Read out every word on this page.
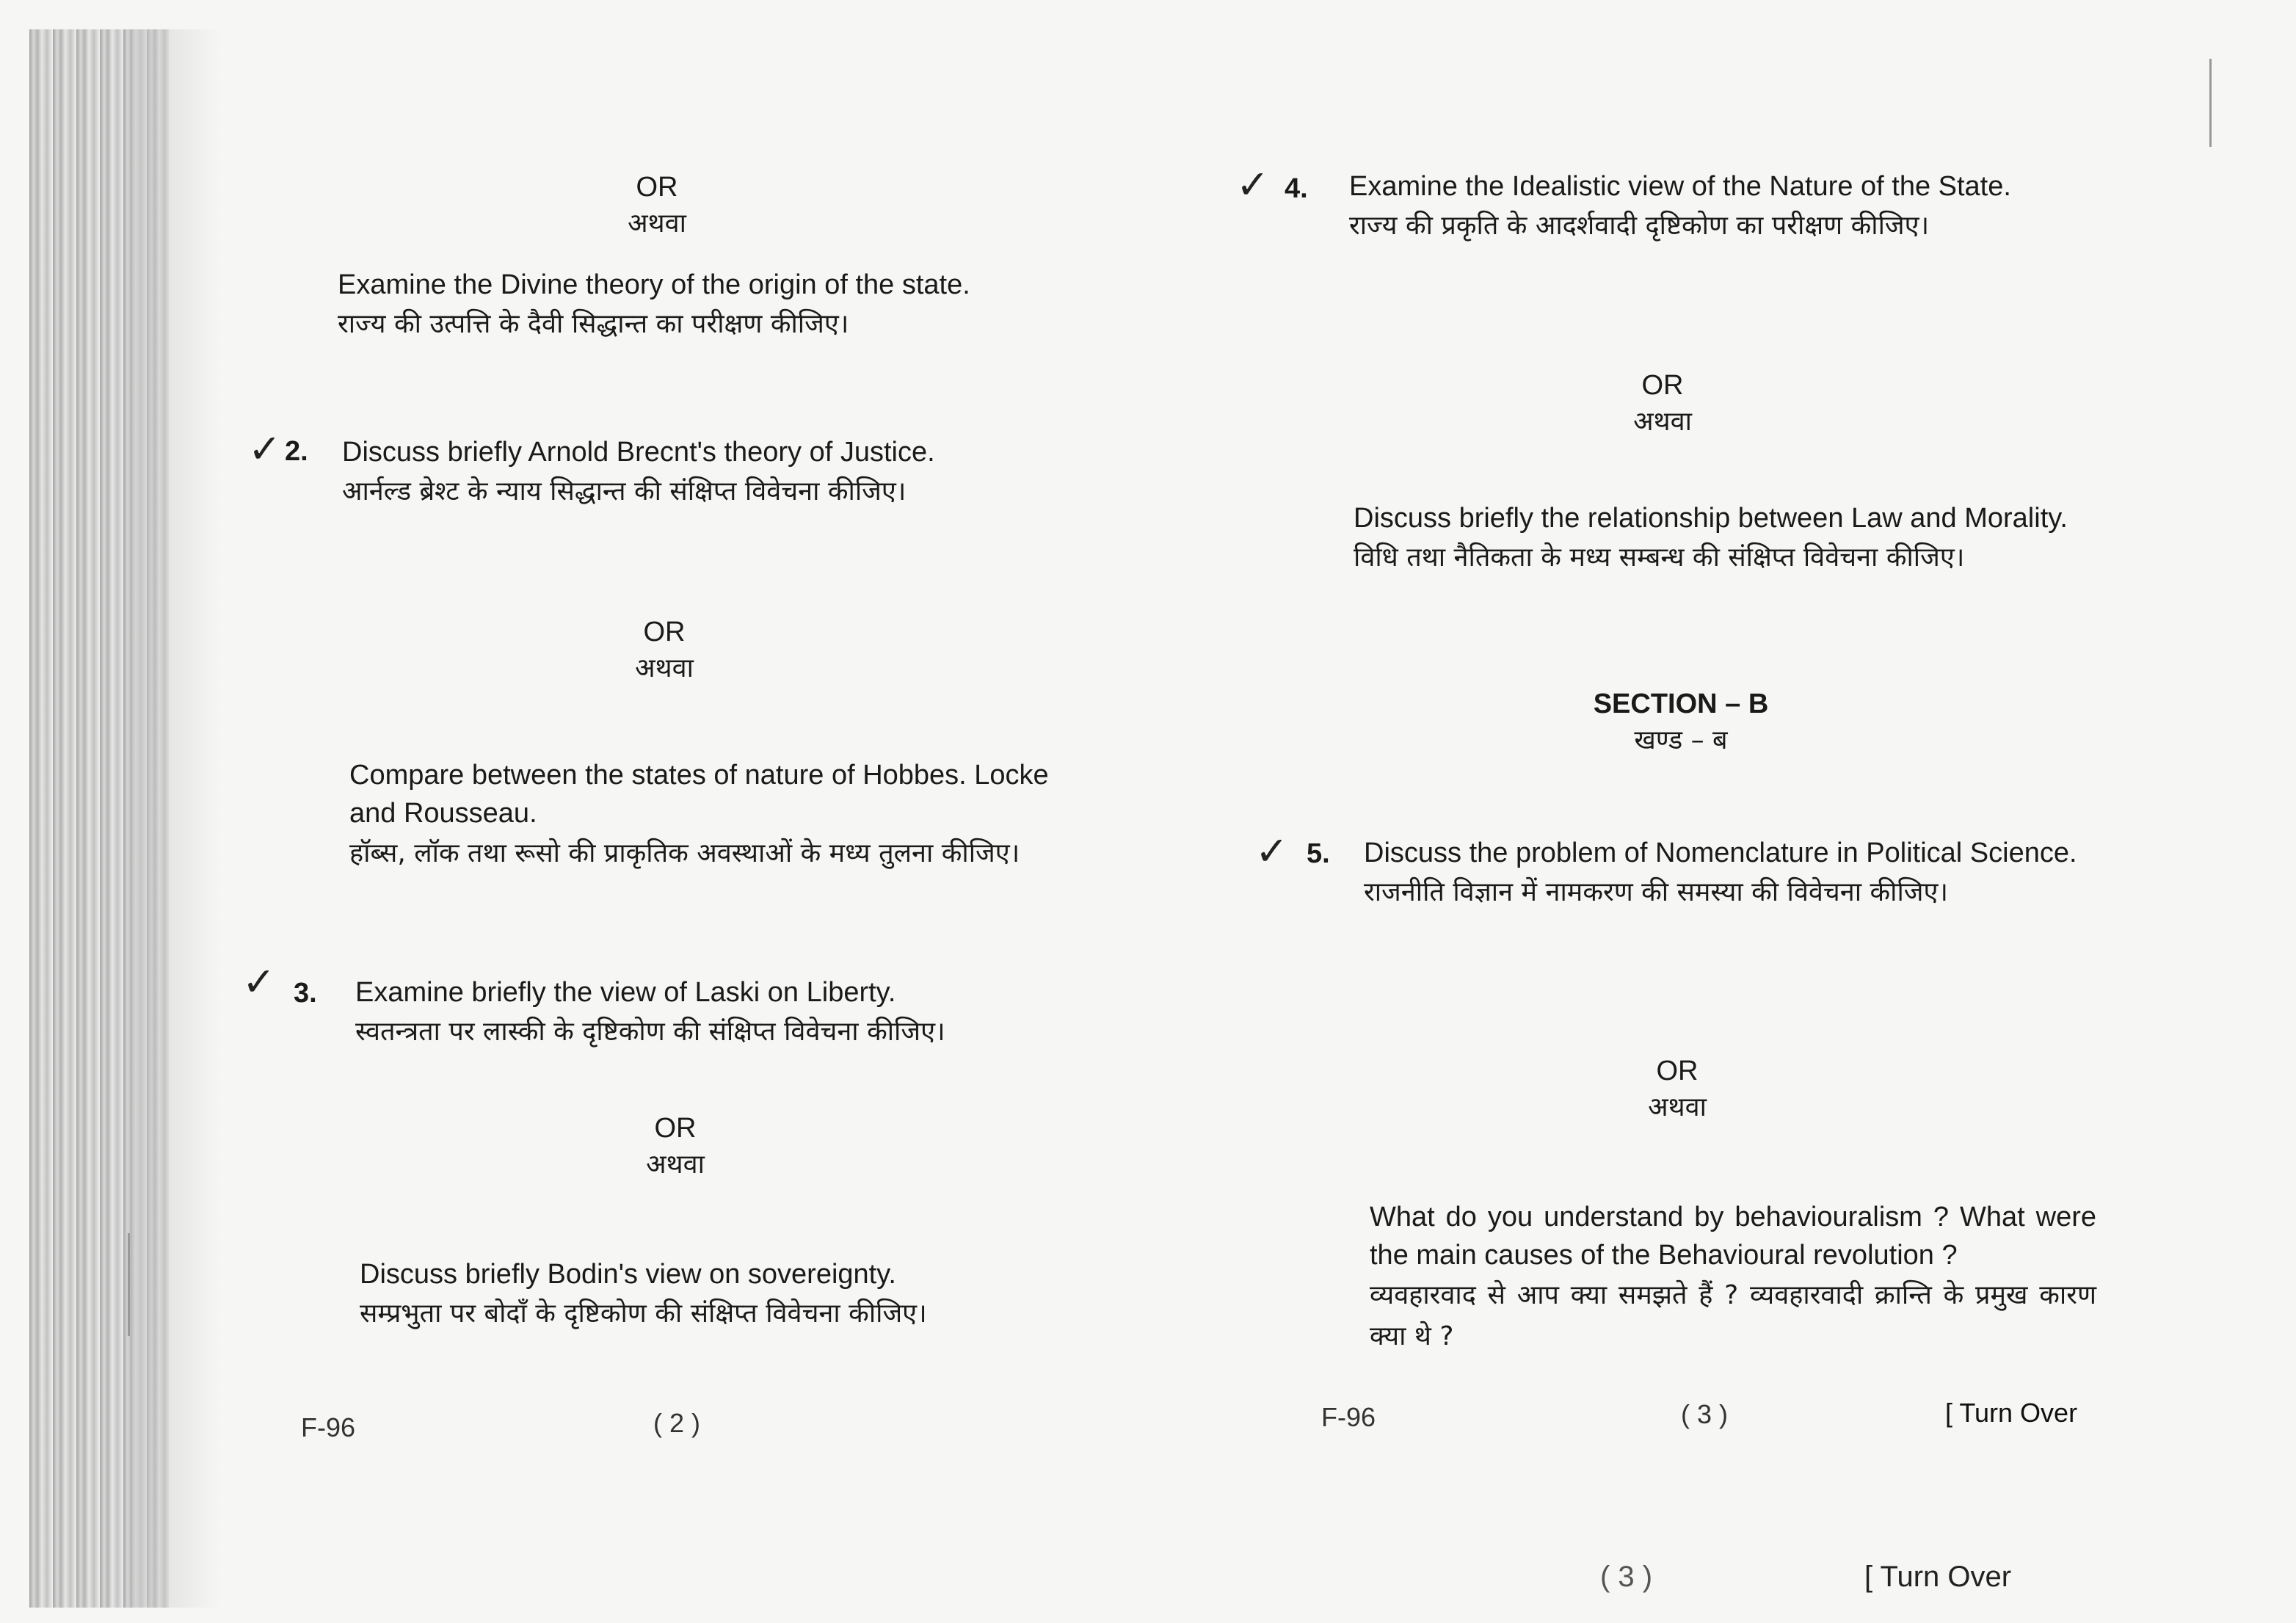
OR
अथवा
Examine the Divine theory of the origin of the state.
राज्य की उत्पत्ति के दैवी सिद्धान्त का परीक्षण कीजिए।
✓ 2. Discuss briefly Arnold Brecnt's theory of Justice.
आर्नल्ड ब्रेश्ट के न्याय सिद्धान्त की संक्षिप्त विवेचना कीजिए।
OR
अथवा
Compare between the states of nature of Hobbes. Locke and Rousseau.
हॉब्स, लॉक तथा रूसो की प्राकृतिक अवस्थाओं के मध्य तुलना कीजिए।
✓ 3. Examine briefly the view of Laski on Liberty.
स्वतन्त्रता पर लास्की के दृष्टिकोण की संक्षिप्त विवेचना कीजिए।
OR
अथवा
Discuss briefly Bodin's view on sovereignty.
सम्प्रभुता पर बोदाँ के दृष्टिकोण की संक्षिप्त विवेचना कीजिए।
F-96	( 2 )
✓ 4. Examine the Idealistic view of the Nature of the State.
राज्य की प्रकृति के आदर्शवादी दृष्टिकोण का परीक्षण कीजिए।
OR
अथवा
Discuss briefly the relationship between Law and Morality.
विधि तथा नैतिकता के मध्य सम्बन्ध की संक्षिप्त विवेचना कीजिए।
SECTION – B
खण्ड – ब
✓ 5. Discuss the problem of Nomenclature in Political Science.
राजनीति विज्ञान में नामकरण की समस्या की विवेचना कीजिए।
OR
अथवा
What do you understand by behaviouralism ? What were the main causes of the Behavioural revolution ?
व्यवहारवाद से आप क्या समझते हैं ? व्यवहारवादी क्रान्ति के प्रमुख कारण क्या थे ?
F-96	( 3 )	[ Turn Over
( 3 )	[ Turn Over
